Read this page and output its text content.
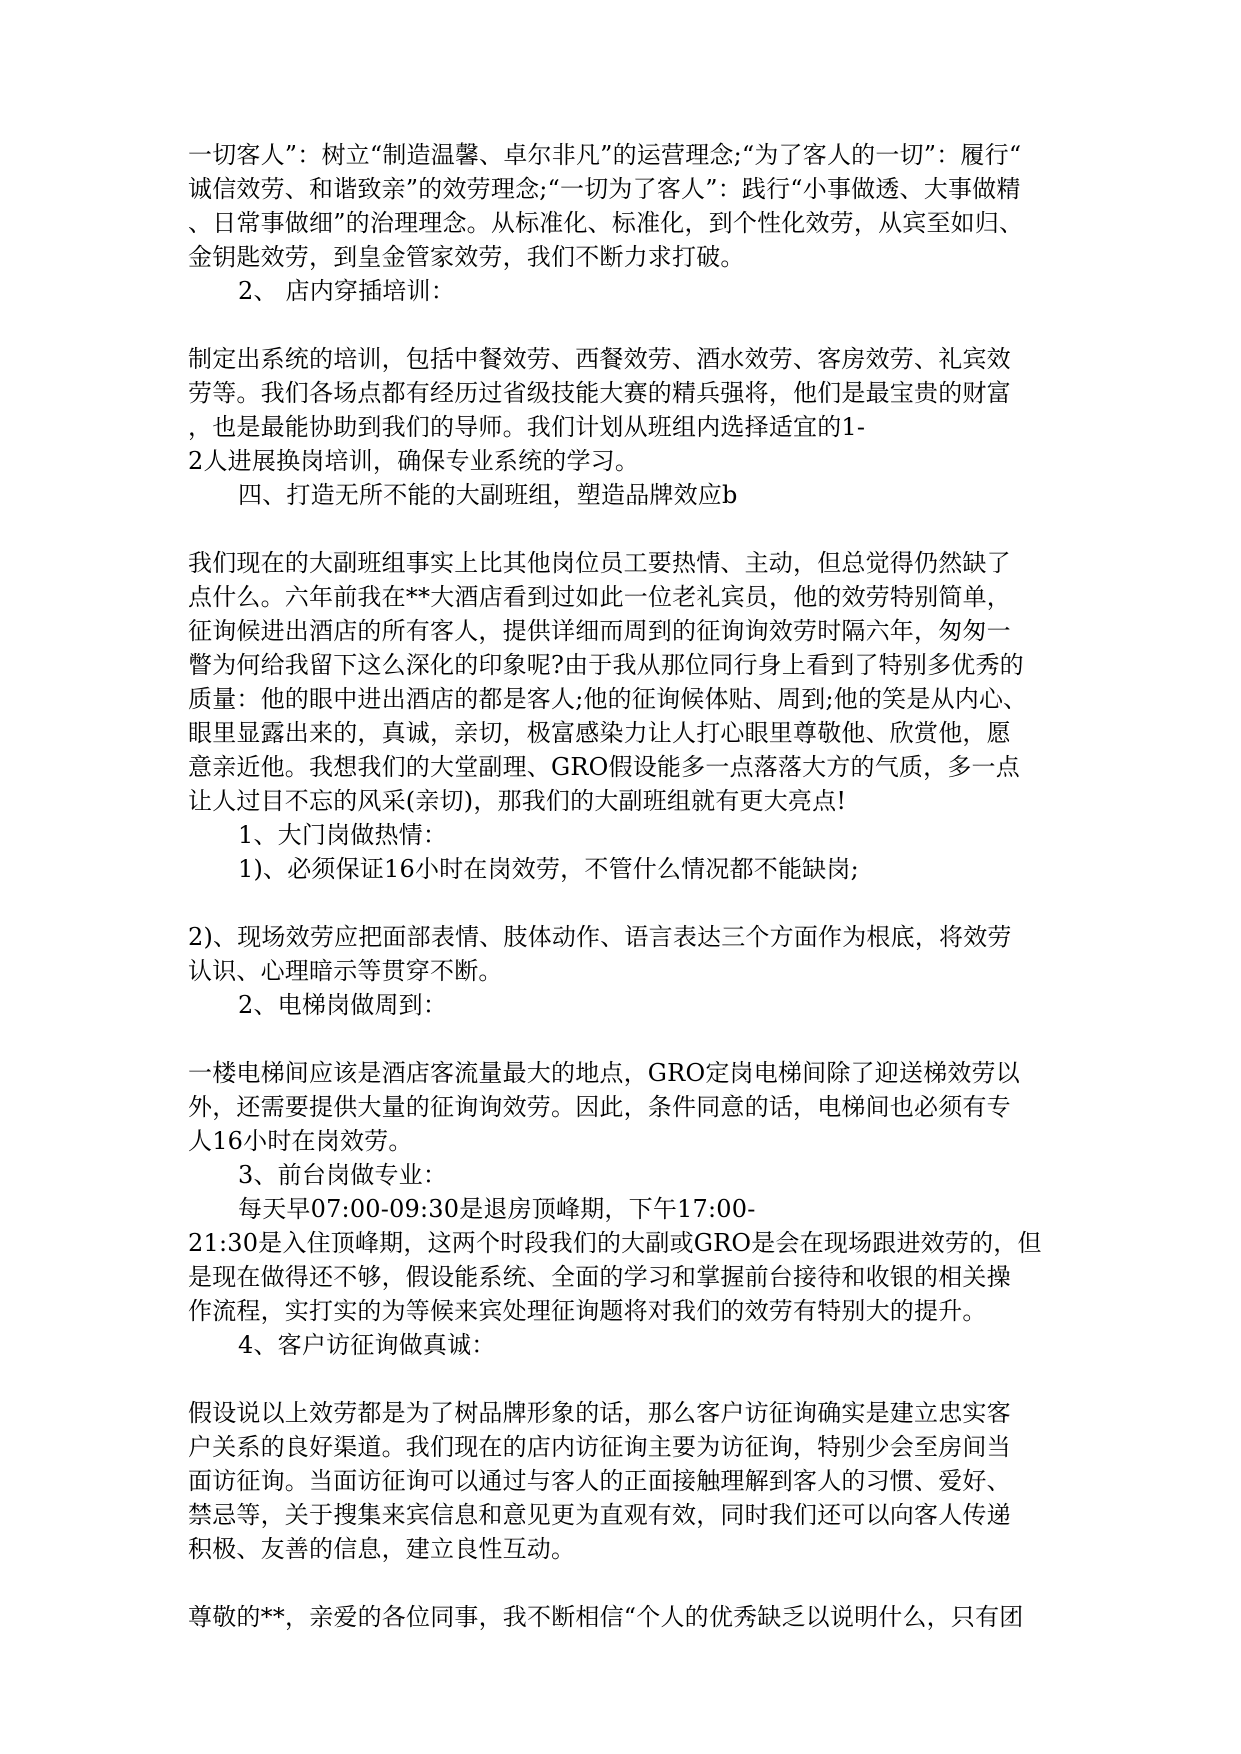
一切客人”：树立“制造温馨、卓尔非凡”的运营理念;“为了客人的一切”：履行“
诚信效劳、和谐致亲”的效劳理念;“一切为了客人”：践行“小事做透、大事做精
、日常事做细”的治理理念。从标准化、标准化，到个性化效劳，从宾至如归、
金钥匙效劳，到皇金管家效劳，我们不断力求打破。
2、 店内穿插培训：
制定出系统的培训，包括中餐效劳、西餐效劳、酒水效劳、客房效劳、礼宾效
劳等。我们各场点都有经历过省级技能大赛的精兵强将，他们是最宝贵的财富
，也是最能协助到我们的导师。我们计划从班组内选择适宜的1-
2人进展换岗培训，确保专业系统的学习。
四、打造无所不能的大副班组，塑造品牌效应b
我们现在的大副班组事实上比其他岗位员工要热情、主动，但总觉得仍然缺了
点什么。六年前我在**大酒店看到过如此一位老礼宾员，他的效劳特别简单，
征询候进出酒店的所有客人，提供详细而周到的征询询效劳时隔六年，匆匆一
瞥为何给我留下这么深化的印象呢?由于我从那位同行身上看到了特别多优秀的
质量：他的眼中进出酒店的都是客人;他的征询候体贴、周到;他的笑是从内心、
眼里显露出来的，真诚，亲切，极富感染力让人打心眼里尊敬他、欣赏他，愿
意亲近他。我想我们的大堂副理、GRO假设能多一点落落大方的气质，多一点
让人过目不忘的风采(亲切)，那我们的大副班组就有更大亮点!
1、大门岗做热情：
1)、必须保证16小时在岗效劳，不管什么情况都不能缺岗;
2)、现场效劳应把面部表情、肢体动作、语言表达三个方面作为根底，将效劳
认识、心理暗示等贯穿不断。
2、电梯岗做周到：
一楼电梯间应该是酒店客流量最大的地点，GRO定岗电梯间除了迎送梯效劳以
外，还需要提供大量的征询询效劳。因此，条件同意的话，电梯间也必须有专
人16小时在岗效劳。
3、前台岗做专业：
每天早07:00-09:30是退房顶峰期，下午17:00-
21:30是入住顶峰期，这两个时段我们的大副或GRO是会在现场跟进效劳的，但
是现在做得还不够，假设能系统、全面的学习和掌握前台接待和收银的相关操
作流程，实打实的为等候来宾处理征询题将对我们的效劳有特别大的提升。
4、客户访征询做真诚：
假设说以上效劳都是为了树品牌形象的话，那么客户访征询确实是建立忠实客
户关系的良好渠道。我们现在的店内访征询主要为访征询，特别少会至房间当
面访征询。当面访征询可以通过与客人的正面接触理解到客人的习惯、爱好、
禁忌等，关于搜集来宾信息和意见更为直观有效，同时我们还可以向客人传递
积极、友善的信息，建立良性互动。
尊敬的**，亲爱的各位同事，我不断相信“个人的优秀缺乏以说明什么，只有团
